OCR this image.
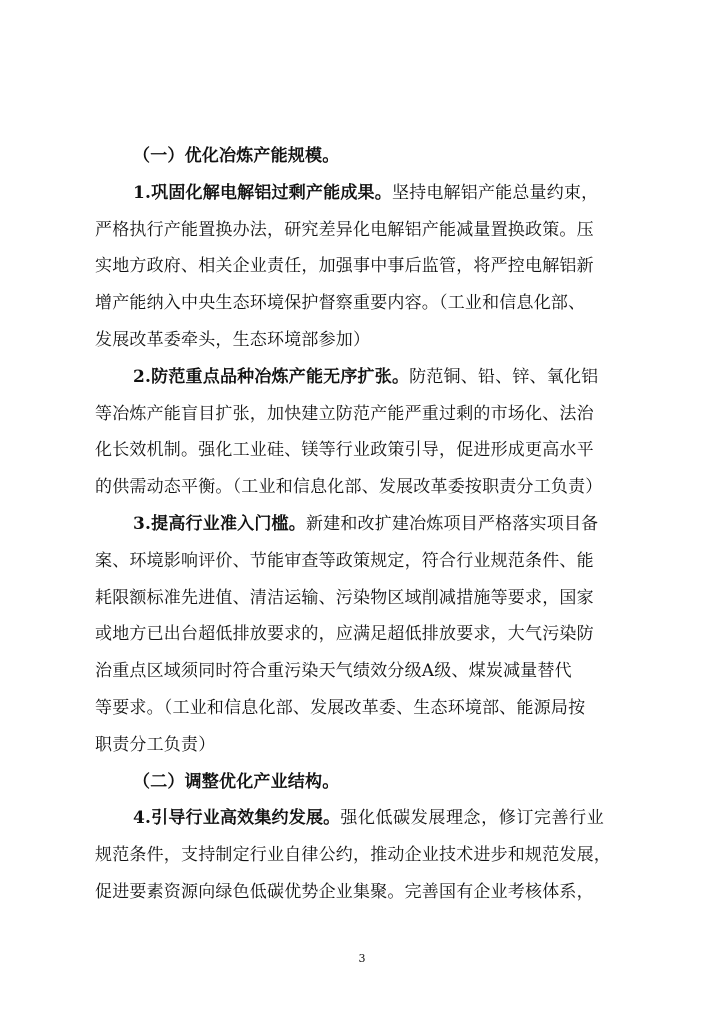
（一）优化冶炼产能规模。
1.巩固化解电解铝过剩产能成果。坚持电解铝产能总量约束，
严格执行产能置换办法，研究差异化电解铝产能减量置换政策。压
实地方政府、相关企业责任，加强事中事后监管，将严控电解铝新
增产能纳入中央生态环境保护督察重要内容。（工业和信息化部、
发展改革委牵头，生态环境部参加）
2.防范重点品种冶炼产能无序扩张。防范铜、铅、锌、氧化铝
等冶炼产能盲目扩张，加快建立防范产能严重过剩的市场化、法治
化长效机制。强化工业硅、镁等行业政策引导，促进形成更高水平
的供需动态平衡。（工业和信息化部、发展改革委按职责分工负责）
3.提高行业准入门槛。新建和改扩建冶炼项目严格落实项目备
案、环境影响评价、节能审查等政策规定，符合行业规范条件、能
耗限额标准先进值、清洁运输、污染物区域削减措施等要求，国家
或地方已出台超低排放要求的，应满足超低排放要求，大气污染防
治重点区域须同时符合重污染天气绩效分级A级、煤炭减量替代
等要求。（工业和信息化部、发展改革委、生态环境部、能源局按
职责分工负责）
（二）调整优化产业结构。
4.引导行业高效集约发展。强化低碳发展理念，修订完善行业
规范条件，支持制定行业自律公约，推动企业技术进步和规范发展，
促进要素资源向绿色低碳优势企业集聚。完善国有企业考核体系，
3
